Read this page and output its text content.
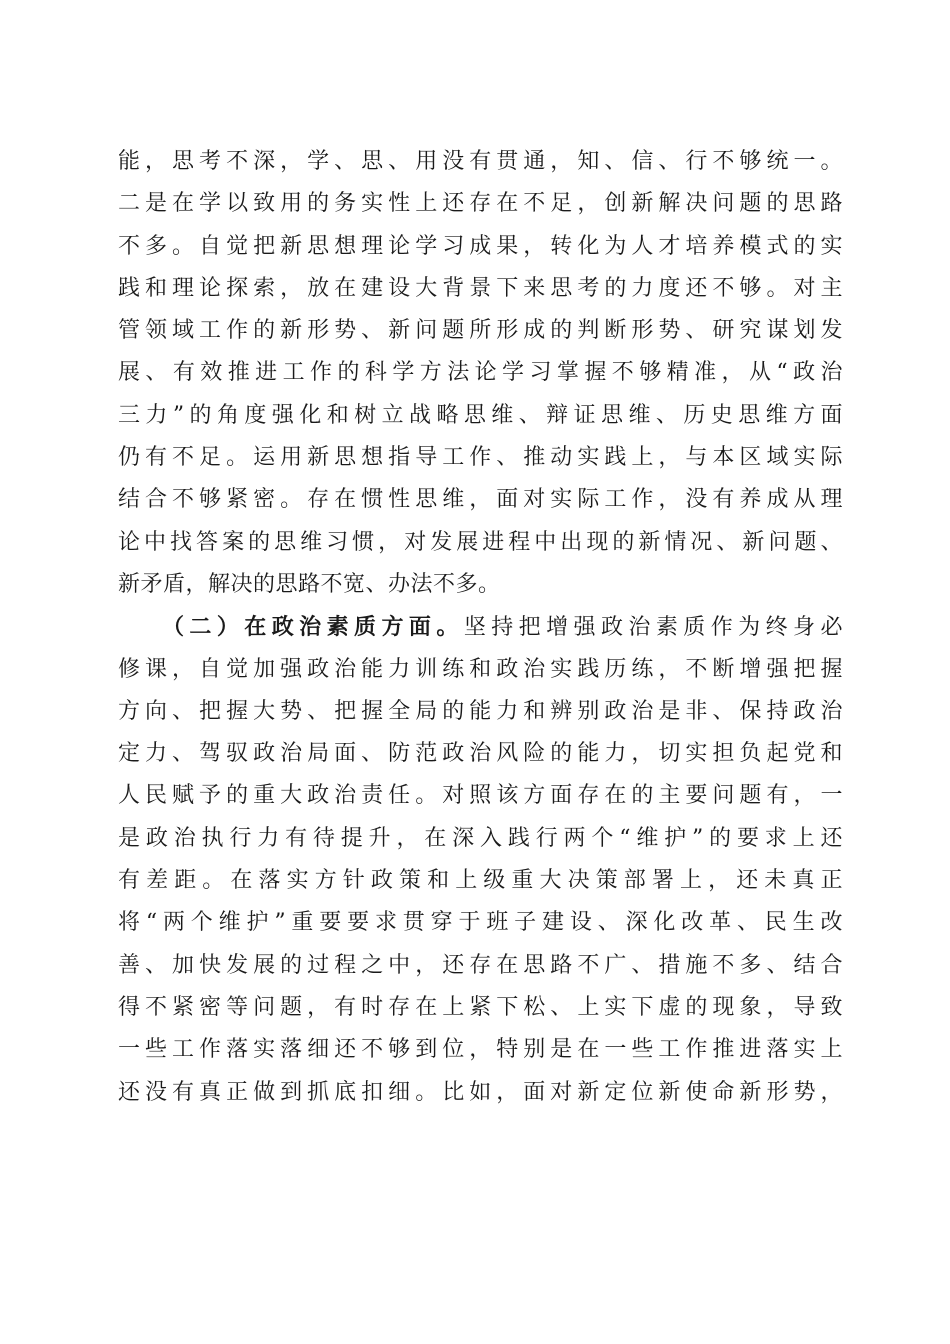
能，思考不深，学、思、用没有贯通，知、信、行不够统一。
二是在学以致用的务实性上还存在不足，创新解决问题的思路
不多。自觉把新思想理论学习成果，转化为人才培养模式的实
践和理论探索，放在建设大背景下来思考的力度还不够。对主
管领域工作的新形势、新问题所形成的判断形势、研究谋划发
展、有效推进工作的科学方法论学习掌握不够精准，从“政治
三力”的角度强化和树立战略思维、辩证思维、历史思维方面
仍有不足。运用新思想指导工作、推动实践上，与本区域实际
结合不够紧密。存在惯性思维，面对实际工作，没有养成从理
论中找答案的思维习惯，对发展进程中出现的新情况、新问题、
新矛盾，解决的思路不宽、办法不多。
（二）在政治素质方面。坚持把增强政治素质作为终身必
修课，自觉加强政治能力训练和政治实践历练，不断增强把握
方向、把握大势、把握全局的能力和辨别政治是非、保持政治
定力、驾驭政治局面、防范政治风险的能力，切实担负起党和
人民赋予的重大政治责任。对照该方面存在的主要问题有，一
是政治执行力有待提升，在深入践行两个“维护”的要求上还
有差距。在落实方针政策和上级重大决策部署上，还未真正
将“两个维护”重要要求贯穿于班子建设、深化改革、民生改
善、加快发展的过程之中，还存在思路不广、措施不多、结合
得不紧密等问题，有时存在上紧下松、上实下虚的现象，导致
一些工作落实落细还不够到位，特别是在一些工作推进落实上
还没有真正做到抓底扣细。比如，面对新定位新使命新形势，
